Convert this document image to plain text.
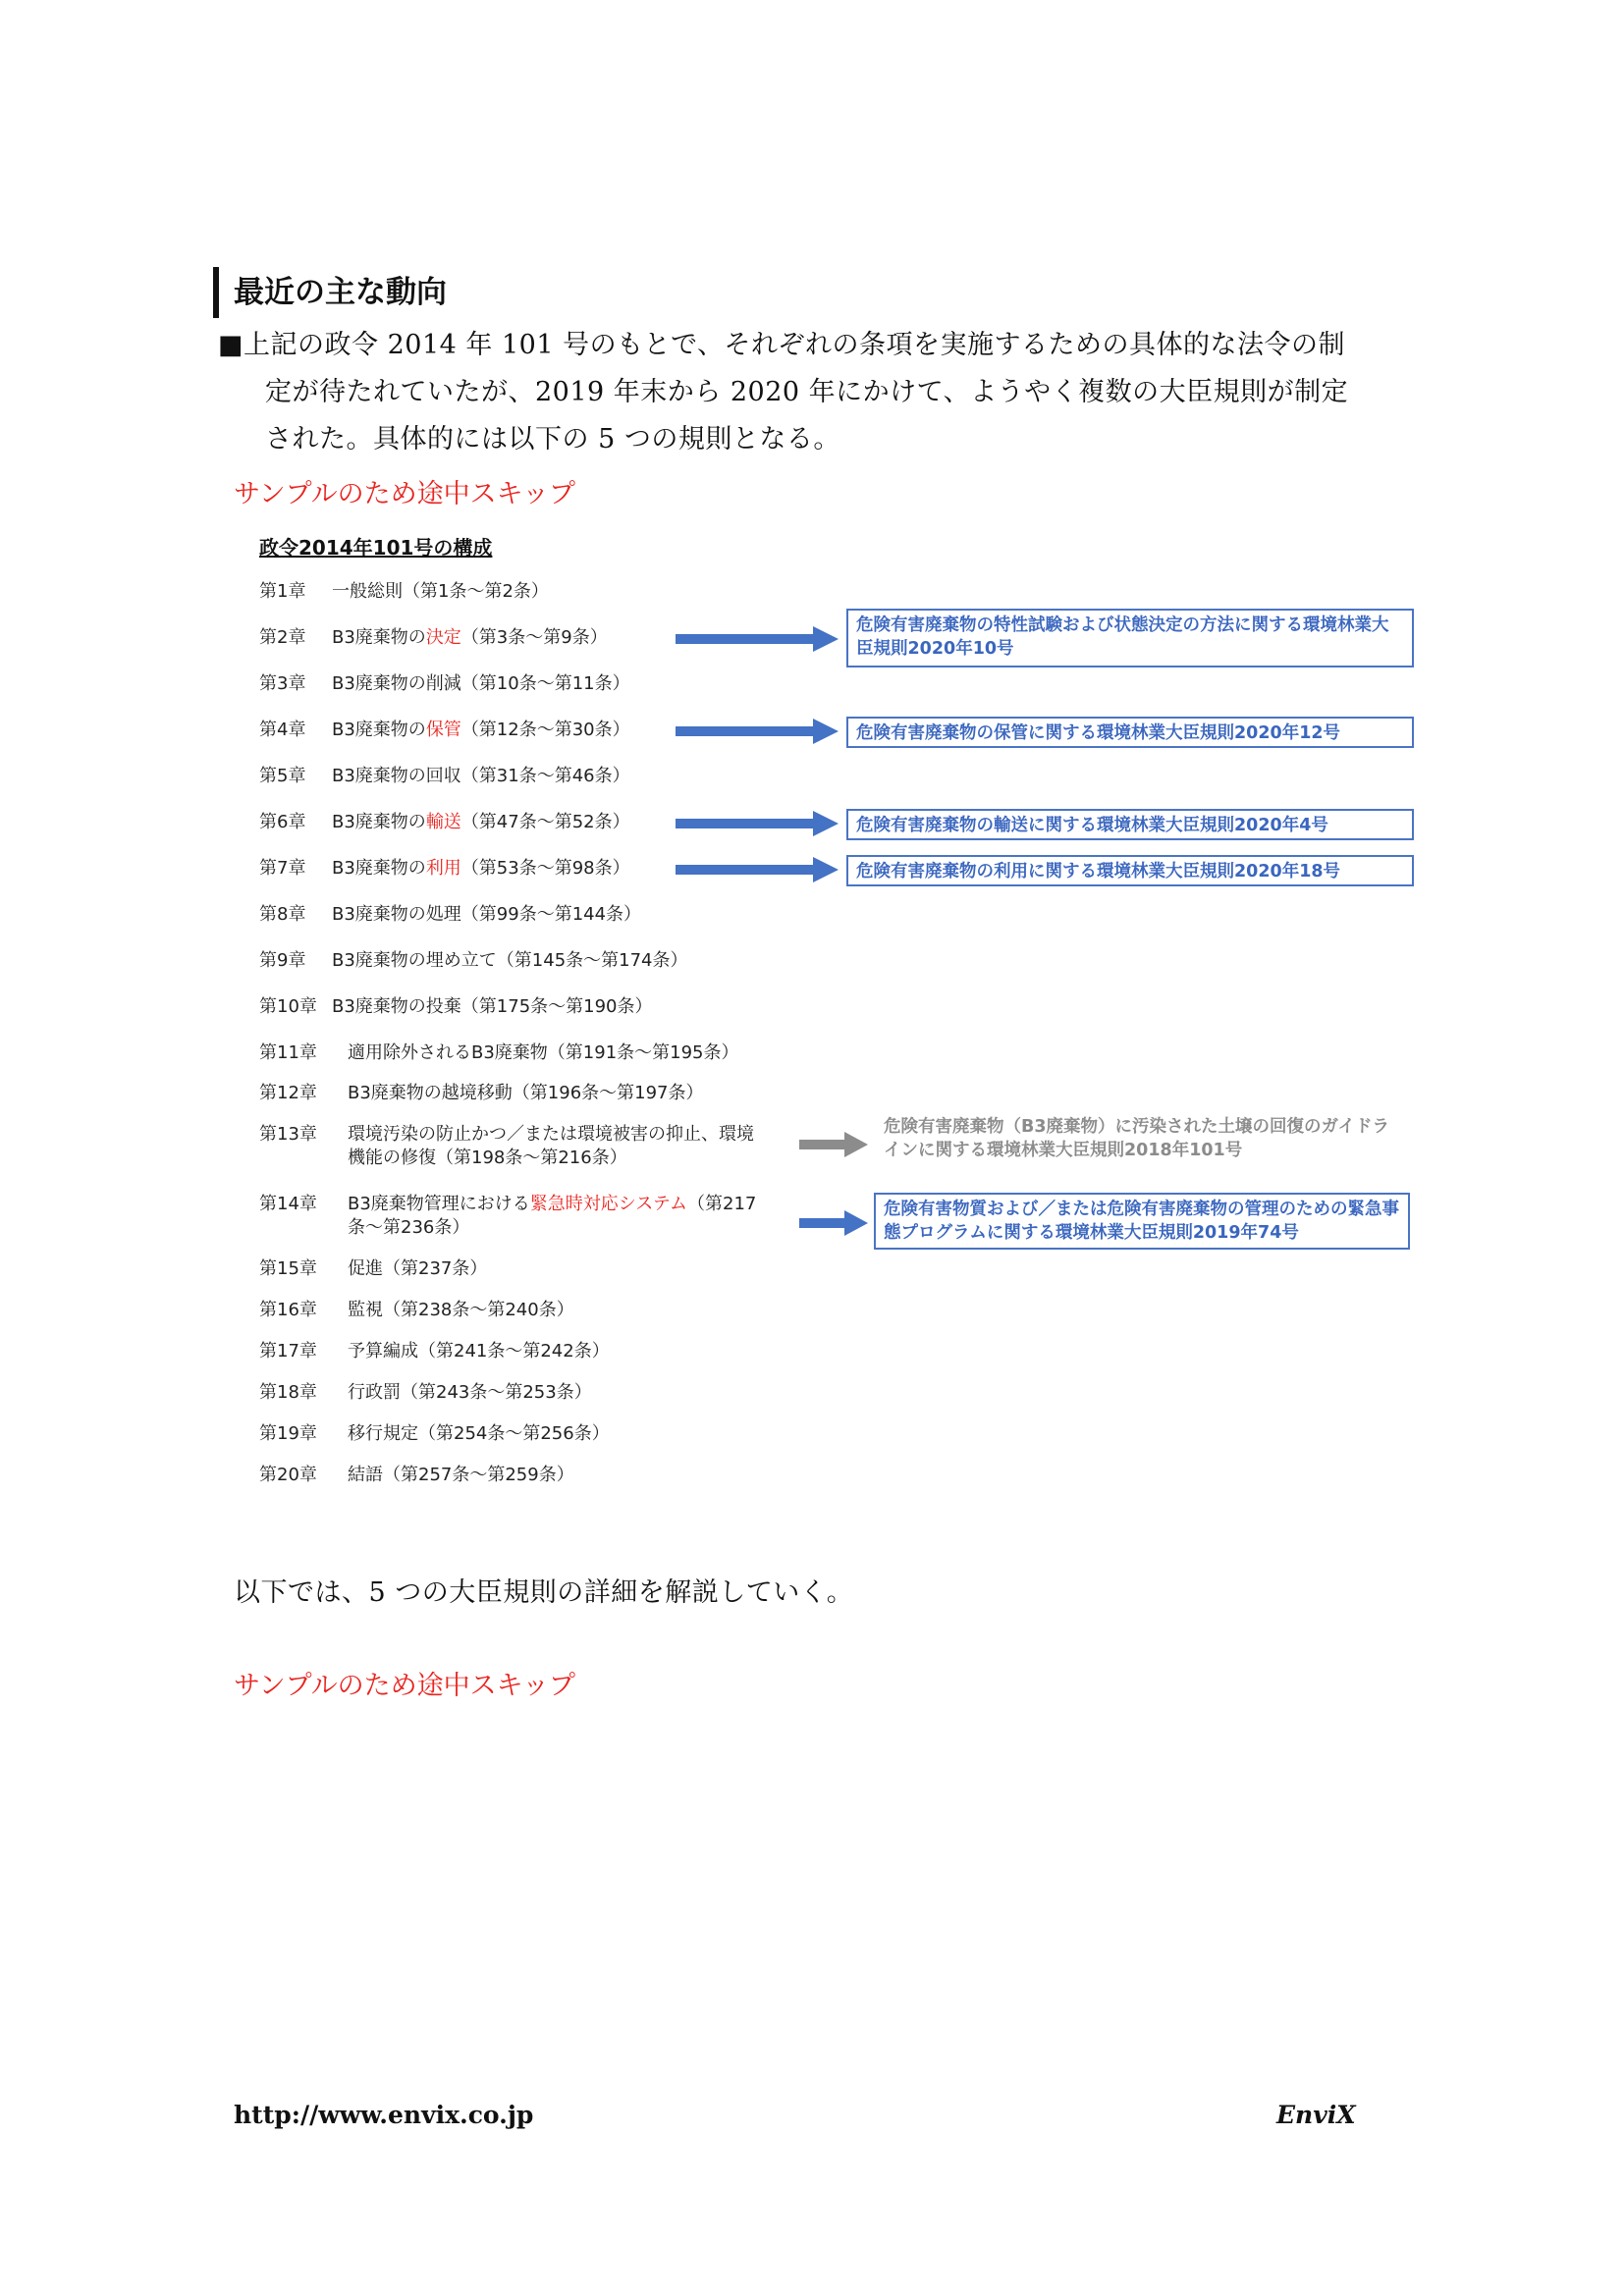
最近の主な動向
■上記の政令 2014 年 101 号のもとで、それぞれの条項を実施するための具体的な法令の制
定が待たれていたが、2019 年末から 2020 年にかけて、ようやく複数の大臣規則が制定
された。具体的には以下の 5 つの規則となる。
サンプルのため途中スキップ
政令2014年101号の構成
第1章 一般総則（第1条～第2条）
第2章 B3廃棄物の決定（第3条～第9条）
第3章 B3廃棄物の削減（第10条～第11条）
第4章 B3廃棄物の保管（第12条～第30条）
第5章 B3廃棄物の回収（第31条～第46条）
第6章 B3廃棄物の輸送（第47条～第52条）
第7章 B3廃棄物の利用（第53条～第98条）
第8章 B3廃棄物の処理（第99条～第144条）
第9章 B3廃棄物の埋め立て（第145条～第174条）
第10章 B3廃棄物の投棄（第175条～第190条）
第11章 適用除外されるB3廃棄物（第191条～第195条）
第12章 B3廃棄物の越境移動（第196条～第197条）
第13章 環境汚染の防止かつ／または環境被害の抑止、環境機能の修復（第198条～第216条）
第14章 B3廃棄物管理における緊急時対応システム（第217条～第236条）
第15章 促進（第237条）
第16章 監視（第238条～第240条）
第17章 予算編成（第241条～第242条）
第18章 行政罰（第243条～第253条）
第19章 移行規定（第254条～第256条）
第20章 結語（第257条～第259条）
危険有害廃棄物の特性試験および状態決定の方法に関する環境林業大臣規則2020年10号
危険有害廃棄物の保管に関する環境林業大臣規則2020年12号
危険有害廃棄物の輸送に関する環境林業大臣規則2020年4号
危険有害廃棄物の利用に関する環境林業大臣規則2020年18号
危険有害廃棄物（B3廃棄物）に汚染された土壌の回復のガイドラインに関する環境林業大臣規則2018年101号
危険有害物質および／または危険有害廃棄物の管理のための緊急事態プログラムに関する環境林業大臣規則2019年74号
以下では、5 つの大臣規則の詳細を解説していく。
サンプルのため途中スキップ
http://www.envix.co.jp	EnviX
